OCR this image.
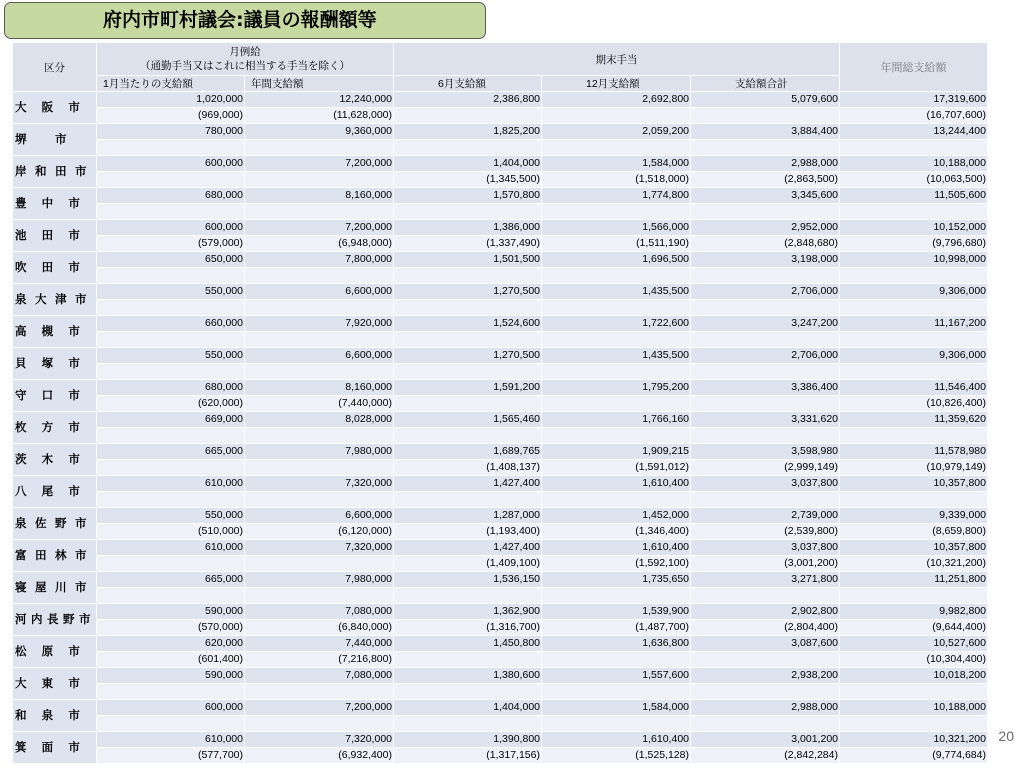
府内市町村議会:議員の報酬額等
区分	月例給
（通勤手当又はこれに相当する手当を除く）		期末手当			年間総支給額
	1月当たりの支給額	年間支給額	6月支給額	12月支給額	支給額合計	

大 阪 市	1,020,000	12,240,000	2,386,800	2,692,800	5,079,600	17,319,600
	(969,000)	(11,628,000)				(16,707,600)

堺 市	780,000	9,360,000	1,825,200	2,059,200	3,884,400	13,244,400

岸 和 田 市	600,000	7,200,000	1,404,000	1,584,000	2,988,000	10,188,000
			(1,345,500)	(1,518,000)	(2,863,500)	(10,063,500)

豊 中 市	680,000	8,160,000	1,570,800	1,774,800	3,345,600	11,505,600

池 田 市	600,000	7,200,000	1,386,000	1,566,000	2,952,000	10,152,000
	(579,000)	(6,948,000)	(1,337,490)	(1,511,190)	(2,848,680)	(9,796,680)

吹 田 市	650,000	7,800,000	1,501,500	1,696,500	3,198,000	10,998,000

泉 大 津 市	550,000	6,600,000	1,270,500	1,435,500	2,706,000	9,306,000

高 槻 市	660,000	7,920,000	1,524,600	1,722,600	3,247,200	11,167,200

貝 塚 市	550,000	6,600,000	1,270,500	1,435,500	2,706,000	9,306,000

守 口 市	680,000	8,160,000	1,591,200	1,795,200	3,386,400	11,546,400
	(620,000)	(7,440,000)				(10,826,400)

枚 方 市	669,000	8,028,000	1,565,460	1,766,160	3,331,620	11,359,620

茨 木 市	665,000	7,980,000	1,689,765	1,909,215	3,598,980	11,578,980
			(1,408,137)	(1,591,012)	(2,999,149)	(10,979,149)

八 尾 市	610,000	7,320,000	1,427,400	1,610,400	3,037,800	10,357,800

泉 佐 野 市	550,000	6,600,000	1,287,000	1,452,000	2,739,000	9,339,000
	(510,000)	(6,120,000)	(1,193,400)	(1,346,400)	(2,539,800)	(8,659,800)

富 田 林 市	610,000	7,320,000	1,427,400	1,610,400	3,037,800	10,357,800
			(1,409,100)	(1,592,100)	(3,001,200)	(10,321,200)

寝 屋 川 市	665,000	7,980,000	1,536,150	1,735,650	3,271,800	11,251,800

河 内 長 野 市	590,000	7,080,000	1,362,900	1,539,900	2,902,800	9,982,800
	(570,000)	(6,840,000)	(1,316,700)	(1,487,700)	(2,804,400)	(9,644,400)

松 原 市	620,000	7,440,000	1,450,800	1,636,800	3,087,600	10,527,600
	(601,400)	(7,216,800)				(10,304,400)

大 東 市	590,000	7,080,000	1,380,600	1,557,600	2,938,200	10,018,200

和 泉 市	600,000	7,200,000	1,404,000	1,584,000	2,988,000	10,188,000

箕 面 市	610,000	7,320,000	1,390,800	1,610,400	3,001,200	10,321,200
	(577,700)	(6,932,400)	(1,317,156)	(1,525,128)	(2,842,284)	(9,774,684)
20
